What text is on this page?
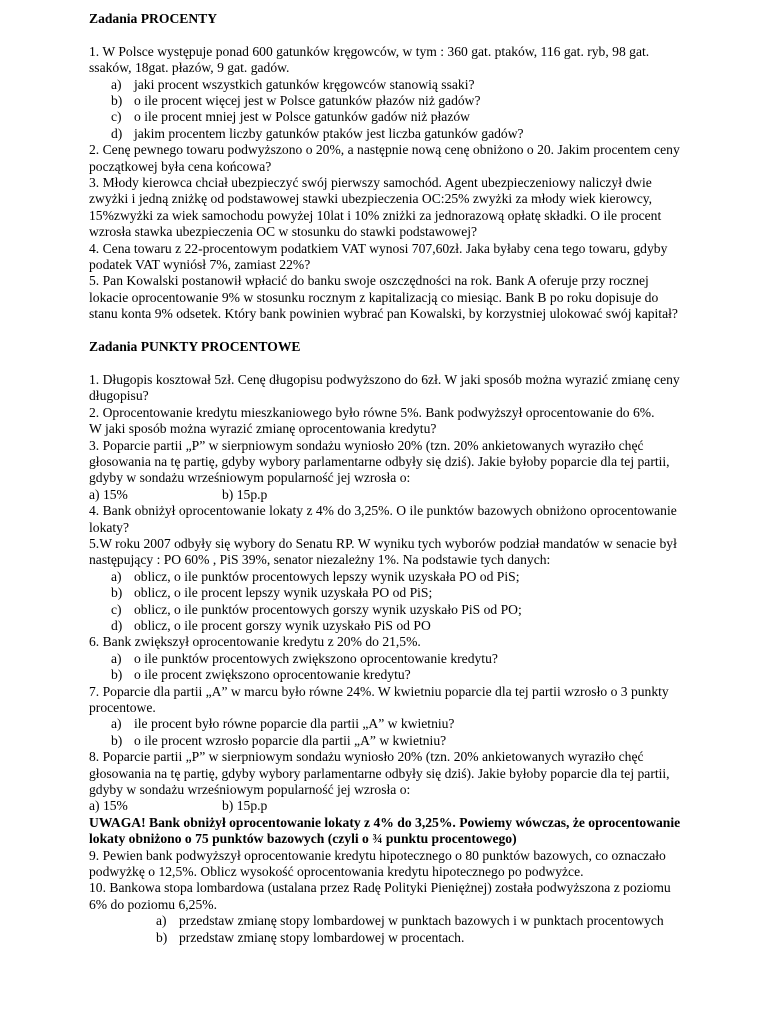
Zadania PROCENTY

1. W Polsce występuje ponad 600 gatunków kręgowców, w tym : 360 gat. ptaków, 116 gat. ryb, 98 gat. ssaków, 18gat. płazów, 9 gat. gadów.

a) jaki procent wszystkich gatunków kręgowców stanowią ssaki?
b) o ile procent więcej jest w Polsce gatunków płazów niż gadów?
c) o ile procent mniej jest w Polsce gatunków gadów niż płazów
d) jakim procentem liczby gatunków ptaków jest liczba gatunków gadów?

2. Cenę pewnego towaru podwyższono o 20%, a następnie nową cenę obniżono o 20. Jakim procentem ceny początkowej była cena końcowa?

3. Młody kierowca chciał ubezpieczyć swój pierwszy samochód. Agent ubezpieczeniowy naliczył dwie zwyżki i jedną zniżkę od podstawowej stawki ubezpieczenia OC:25% zwyżki za młody wiek kierowcy, 15%zwyżki za wiek samochodu powyżej 10lat i 10% zniżki za jednorazową opłatę składki. O ile procent wzrosła stawka ubezpieczenia OC w stosunku do stawki podstawowej?

4. Cena towaru z 22-procentowym podatkiem VAT wynosi 707,60zł. Jaka byłaby cena tego towaru, gdyby podatek VAT wyniósł 7%, zamiast 22%?

5. Pan Kowalski postanowił wpłacić do banku swoje oszczędności na rok. Bank A oferuje przy rocznej lokacie oprocentowanie 9% w stosunku rocznym z kapitalizacją co miesiąc. Bank B po roku dopisuje do stanu konta 9% odsetek. Który bank powinien wybrać pan Kowalski, by korzystniej ulokować swój kapitał?

Zadania PUNKTY PROCENTOWE

1. Długopis kosztował 5zł. Cenę długopisu podwyższono do 6zł. W jaki sposób można wyrazić zmianę ceny długopisu?

2. Oprocentowanie kredytu mieszkaniowego było równe 5%. Bank podwyższył oprocentowanie do 6%.

W jaki sposób można wyrazić zmianę oprocentowania kredytu?

3. Poparcie partii „P” w sierpniowym sondażu wyniosło 20% (tzn. 20% ankietowanych wyraziło chęć głosowania na tę partię, gdyby wybory parlamentarne odbyły się dziś). Jakie byłoby poparcie dla tej partii, gdyby w sondażu wrześniowym popularność jej wzrosła o:

a) 15%	b) 15p.p

4. Bank obniżył oprocentowanie lokaty z 4% do 3,25%. O ile punktów bazowych obniżono oprocentowanie lokaty?

5.W roku 2007 odbyły się wybory do Senatu RP. W wyniku tych wyborów podział mandatów w senacie był następujący : PO 60% , PiS 39%, senator niezależny 1%. Na podstawie tych danych:

a) oblicz, o ile punktów procentowych lepszy wynik uzyskała PO od PiS;
b) oblicz, o ile procent lepszy wynik uzyskała PO od PiS;
c) oblicz, o ile punktów procentowych gorszy wynik uzyskało PiS od PO;
d) oblicz, o ile procent gorszy wynik uzyskało PiS od PO

6. Bank zwiększył oprocentowanie kredytu z 20% do 21,5%.

a) o ile punktów procentowych zwiększono oprocentowanie kredytu?
b) o ile procent zwiększono oprocentowanie kredytu?

7. Poparcie dla partii „A” w marcu było równe 24%. W kwietniu poparcie dla tej partii wzrosło o 3 punkty procentowe.

a) ile procent było równe poparcie dla partii „A” w kwietniu?
b) o ile procent wzrosło poparcie dla partii „A” w kwietniu?

8. Poparcie partii „P” w sierpniowym sondażu wyniosło 20% (tzn. 20% ankietowanych wyraziło chęć głosowania na tę partię, gdyby wybory parlamentarne odbyły się dziś). Jakie byłoby poparcie dla tej partii, gdyby w sondażu wrześniowym popularność jej wzrosła o:

a) 15%	b) 15p.p

UWAGA! Bank obniżył oprocentowanie lokaty z 4% do 3,25%. Powiemy wówczas, że oprocentowanie lokaty obniżono o 75 punktów bazowych (czyli o ¾ punktu procentowego)

9. Pewien bank podwyższył oprocentowanie kredytu hipotecznego o 80 punktów bazowych, co oznaczało podwyżkę o 12,5%. Oblicz wysokość oprocentowania kredytu hipotecznego po podwyżce.

10. Bankowa stopa lombardowa (ustalana przez Radę Polityki Pieniężnej) została podwyższona z poziomu 6% do poziomu 6,25%.

a) przedstaw zmianę stopy lombardowej w punktach bazowych i w punktach procentowych
b) przedstaw zmianę stopy lombardowej w procentach.
